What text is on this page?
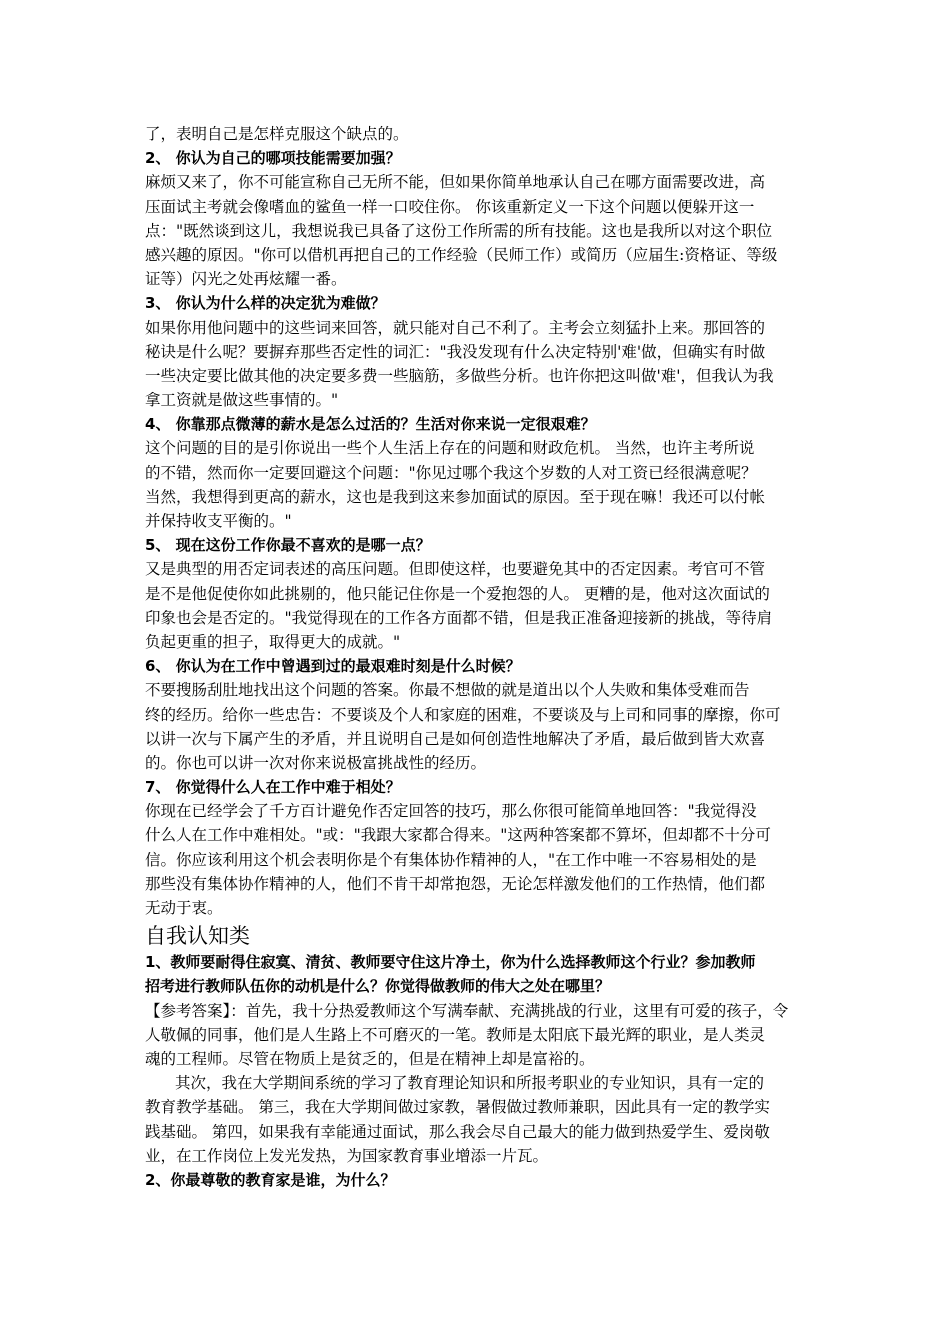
了，表明自己是怎样克服这个缺点的。
2、 你认为自己的哪项技能需要加强？
麻烦又来了，你不可能宣称自己无所不能，但如果你简单地承认自己在哪方面需要改进，高
压面试主考就会像嗜血的鲨鱼一样一口咬住你。 你该重新定义一下这个问题以便躲开这一
点："既然谈到这儿，我想说我已具备了这份工作所需的所有技能。这也是我所以对这个职位
感兴趣的原因。"你可以借机再把自己的工作经验（民师工作）或简历（应届生:资格证、等级
证等）闪光之处再炫耀一番。
3、 你认为什么样的决定犹为难做？
如果你用他问题中的这些词来回答，就只能对自己不利了。主考会立刻猛扑上来。那回答的
秘诀是什么呢？要摒弃那些否定性的词汇："我没发现有什么决定特别'难'做，但确实有时做
一些决定要比做其他的决定要多费一些脑筋，多做些分析。也许你把这叫做'难'，但我认为我
拿工资就是做这些事情的。"
4、 你靠那点微薄的薪水是怎么过活的？生活对你来说一定很艰难？
这个问题的目的是引你说出一些个人生活上存在的问题和财政危机。 当然，也许主考所说
的不错，然而你一定要回避这个问题："你见过哪个我这个岁数的人对工资已经很满意呢？
当然，我想得到更高的薪水，这也是我到这来参加面试的原因。至于现在嘛！我还可以付帐
并保持收支平衡的。"
5、 现在这份工作你最不喜欢的是哪一点？
又是典型的用否定词表述的高压问题。但即使这样，也要避免其中的否定因素。考官可不管
是不是他促使你如此挑剔的，他只能记住你是一个爱抱怨的人。 更糟的是，他对这次面试的
印象也会是否定的。"我觉得现在的工作各方面都不错，但是我正准备迎接新的挑战，等待肩
负起更重的担子，取得更大的成就。"
6、 你认为在工作中曾遇到过的最艰难时刻是什么时候？
不要搜肠刮肚地找出这个问题的答案。你最不想做的就是道出以个人失败和集体受难而告
终的经历。给你一些忠告：不要谈及个人和家庭的困难，不要谈及与上司和同事的摩擦，你可
以讲一次与下属产生的矛盾，并且说明自己是如何创造性地解决了矛盾，最后做到皆大欢喜
的。你也可以讲一次对你来说极富挑战性的经历。
7、 你觉得什么人在工作中难于相处？
你现在已经学会了千方百计避免作否定回答的技巧，那么你很可能简单地回答："我觉得没
什么人在工作中难相处。"或："我跟大家都合得来。"这两种答案都不算坏，但却都不十分可
信。你应该利用这个机会表明你是个有集体协作精神的人，"在工作中唯一不容易相处的是
那些没有集体协作精神的人，他们不肯干却常抱怨，无论怎样激发他们的工作热情，他们都
无动于衷。
自我认知类
1、教师要耐得住寂寞、清贫、教师要守住这片净土，你为什么选择教师这个行业？参加教师
招考进行教师队伍你的动机是什么？你觉得做教师的伟大之处在哪里？
【参考答案】：首先，我十分热爱教师这个写满奉献、充满挑战的行业，这里有可爱的孩子，令
人敬佩的同事，他们是人生路上不可磨灭的一笔。教师是太阳底下最光辉的职业，是人类灵
魂的工程师。尽管在物质上是贫乏的，但是在精神上却是富裕的。
其次，我在大学期间系统的学习了教育理论知识和所报考职业的专业知识，具有一定的
教育教学基础。 第三，我在大学期间做过家教，暑假做过教师兼职，因此具有一定的教学实
践基础。 第四，如果我有幸能通过面试，那么我会尽自己最大的能力做到热爱学生、爱岗敬
业，在工作岗位上发光发热，为国家教育事业增添一片瓦。
2、你最尊敬的教育家是谁，为什么？
